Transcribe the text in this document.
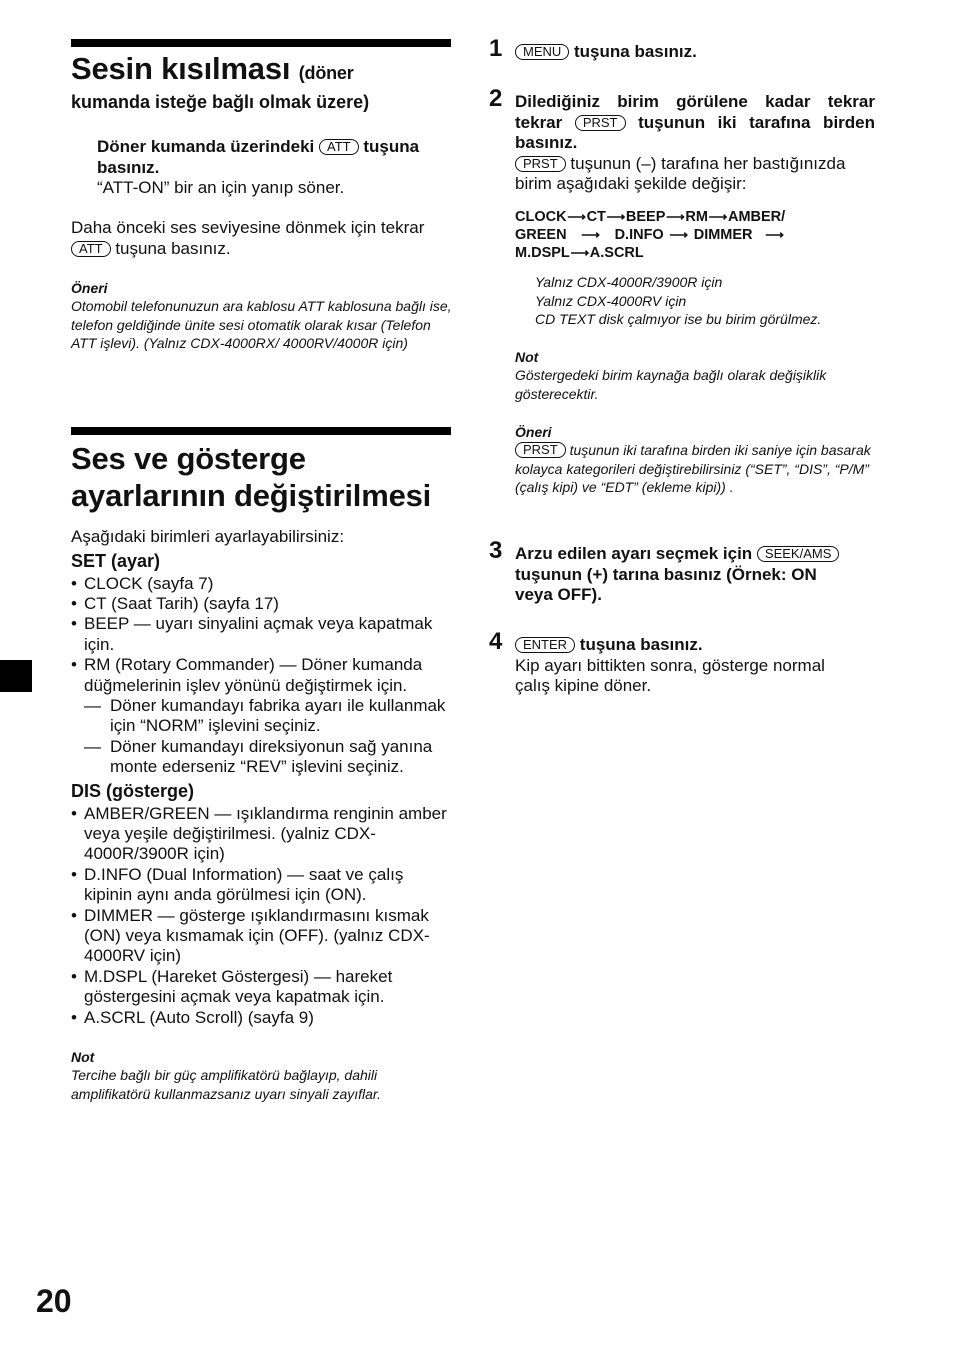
Sesin kısılması (döner
kumanda isteğe bağlı olmak üzere)

Döner kumanda üzerindeki ATT tuşuna basınız.

“ATT-ON” bir an için yanıp söner.

Daha önceki ses seviyesine dönmek için tekrar ATT tuşuna basınız.

Öneri

Otomobil telefonunuzun ara kablosu ATT kablosuna bağlı ise, telefon geldiğinde ünite sesi otomatik olarak kısar (Telefon ATT işlevi). (Yalnız CDX-4000RX/ 4000RV/4000R için)

Ses ve gösterge
ayarlarının değiştirilmesi

Aşağıdaki birimleri ayarlayabilirsiniz:

SET (ayar)

• CLOCK (sayfa 7)
• CT (Saat Tarih) (sayfa 17)
• BEEP — uyarı sinyalini açmak veya kapatmak için.
• RM (Rotary Commander) — Döner kumanda düğmelerinin işlev yönünü değiştirmek için.
— Döner kumandayı fabrika ayarı ile kullanmak için “NORM” işlevini seçiniz.
— Döner kumandayı direksiyonun sağ yanına monte ederseniz “REV” işlevini seçiniz.

DIS (gösterge)

• AMBER/GREEN — ışıklandırma renginin amber veya yeşile değiştirilmesi. (yalniz CDX-4000R/3900R için)
• D.INFO (Dual Information) — saat ve çalış kipinin aynı anda görülmesi için (ON).
• DIMMER — gösterge ışıklandırmasını kısmak (ON) veya kısmamak için (OFF). (yalnız CDX-4000RV için)
• M.DSPL (Hareket Göstergesi) — hareket göstergesini açmak veya kapatmak için.
• A.SCRL (Auto Scroll) (sayfa 9)

Not

Tercihe bağlı bir güç amplifikatörü bağlayıp, dahili amplifikatörü kullanmazsanız uyarı sinyali zayıflar.

1	MENU tuşuna basınız.
2 Dilediğiniz birim görülene kadar tekrar tekrar PRST tuşunun iki tarafına birden basınız.

PRST tuşunun (–) tarafına her bastığınızda birim aşağıdaki şekilde değişir:

CLOCK⟶CT⟶BEEP⟶RM⟶AMBER/
GREEN ⟶ D.INFO ⟶ DIMMER ⟶
M.DSPL⟶A.SCRL

Yalnız CDX-4000R/3900R için

Yalnız CDX-4000RV için

CD TEXT disk çalmıyor ise bu birim görülmez.

Not

Göstergedeki birim kaynağa bağlı olarak değişiklik gösterecektir.

Öneri

PRST tuşunun iki tarafına birden iki saniye için basarak kolayca kategorileri değiştirebilirsiniz (“SET”, “DIS”, “P/M” (çalış kipi) ve “EDT” (ekleme kipi)) .

3 Arzu edilen ayarı seçmek için SEEK/AMS tuşunun (+) tarına basınız (Örnek: ON veya OFF).
4	ENTER tuşuna basınız.

Kip ayarı bittikten sonra, gösterge normal çalış kipine döner.

20
